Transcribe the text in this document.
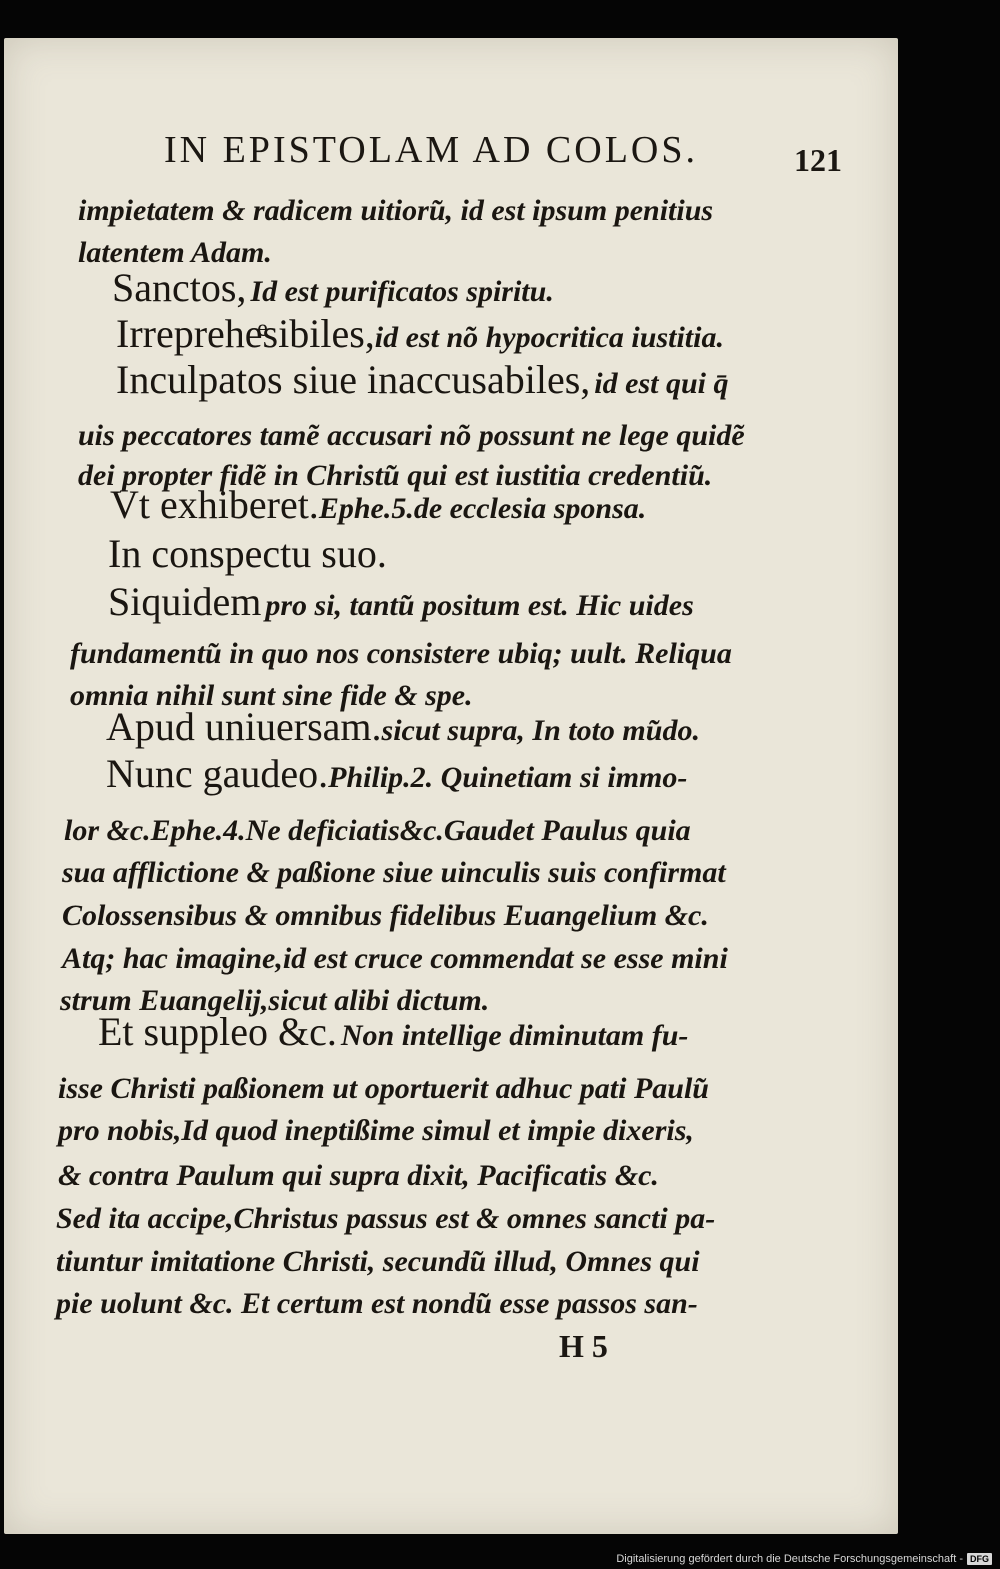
IN EPISTOLAM AD COLOS.	121
impietatem & radicem uitioru͂, id est ipsum penitius
latentem Adam.
Sanctos, Id est purificatos spiritu.
Irrepreheͤsibiles,id est no͂ hypocritica iustitia.
Inculpatos siue inaccusabiles, id est qui q̄
uis peccatores tame͂ accusari no͂ possunt ne lege quide͂
dei propter fide͂ in Christu͂ qui est iustitia credentiu͂.
Vt exhiberet.Ephe.5.de ecclesia sponsa.
In conspectu suo.
Siquidem pro si, tantu͂ positum est. Hic uides
fundamentu͂ in quo nos consistere ubiq; uult. Reliqua
omnia nihil sunt sine fide & spe.
Apud uniuersam.sicut supra, In toto mu͂do.
Nunc gaudeo.Philip.2. Quinetiam si immo-
lor &c.Ephe.4.Ne deficiatis&c.Gaudet Paulus quia
sua afflictione & paßione siue uinculis suis confirmat
Colossensibus & omnibus fidelibus Euangelium &c.
Atq; hac imagine,id est cruce commendat se esse mini
strum Euangelij,sicut alibi dictum.
Et suppleo &c. Non intellige diminutam fu-
isse Christi paßionem ut oportuerit adhuc pati Paulu͂
pro nobis,Id quod ineptißime simul et impie dixeris,
& contra Paulum qui supra dixit, Pacificatis &c.
Sed ita accipe,Christus passus est & omnes sancti pa-
tiuntur imitatione Christi, secundu͂ illud, Omnes qui
pie uolunt &c. Et certum est nondu͂ esse passos san-
H 5
Digitalisierung gefördert durch die Deutsche Forschungsgemeinschaft - DFG
